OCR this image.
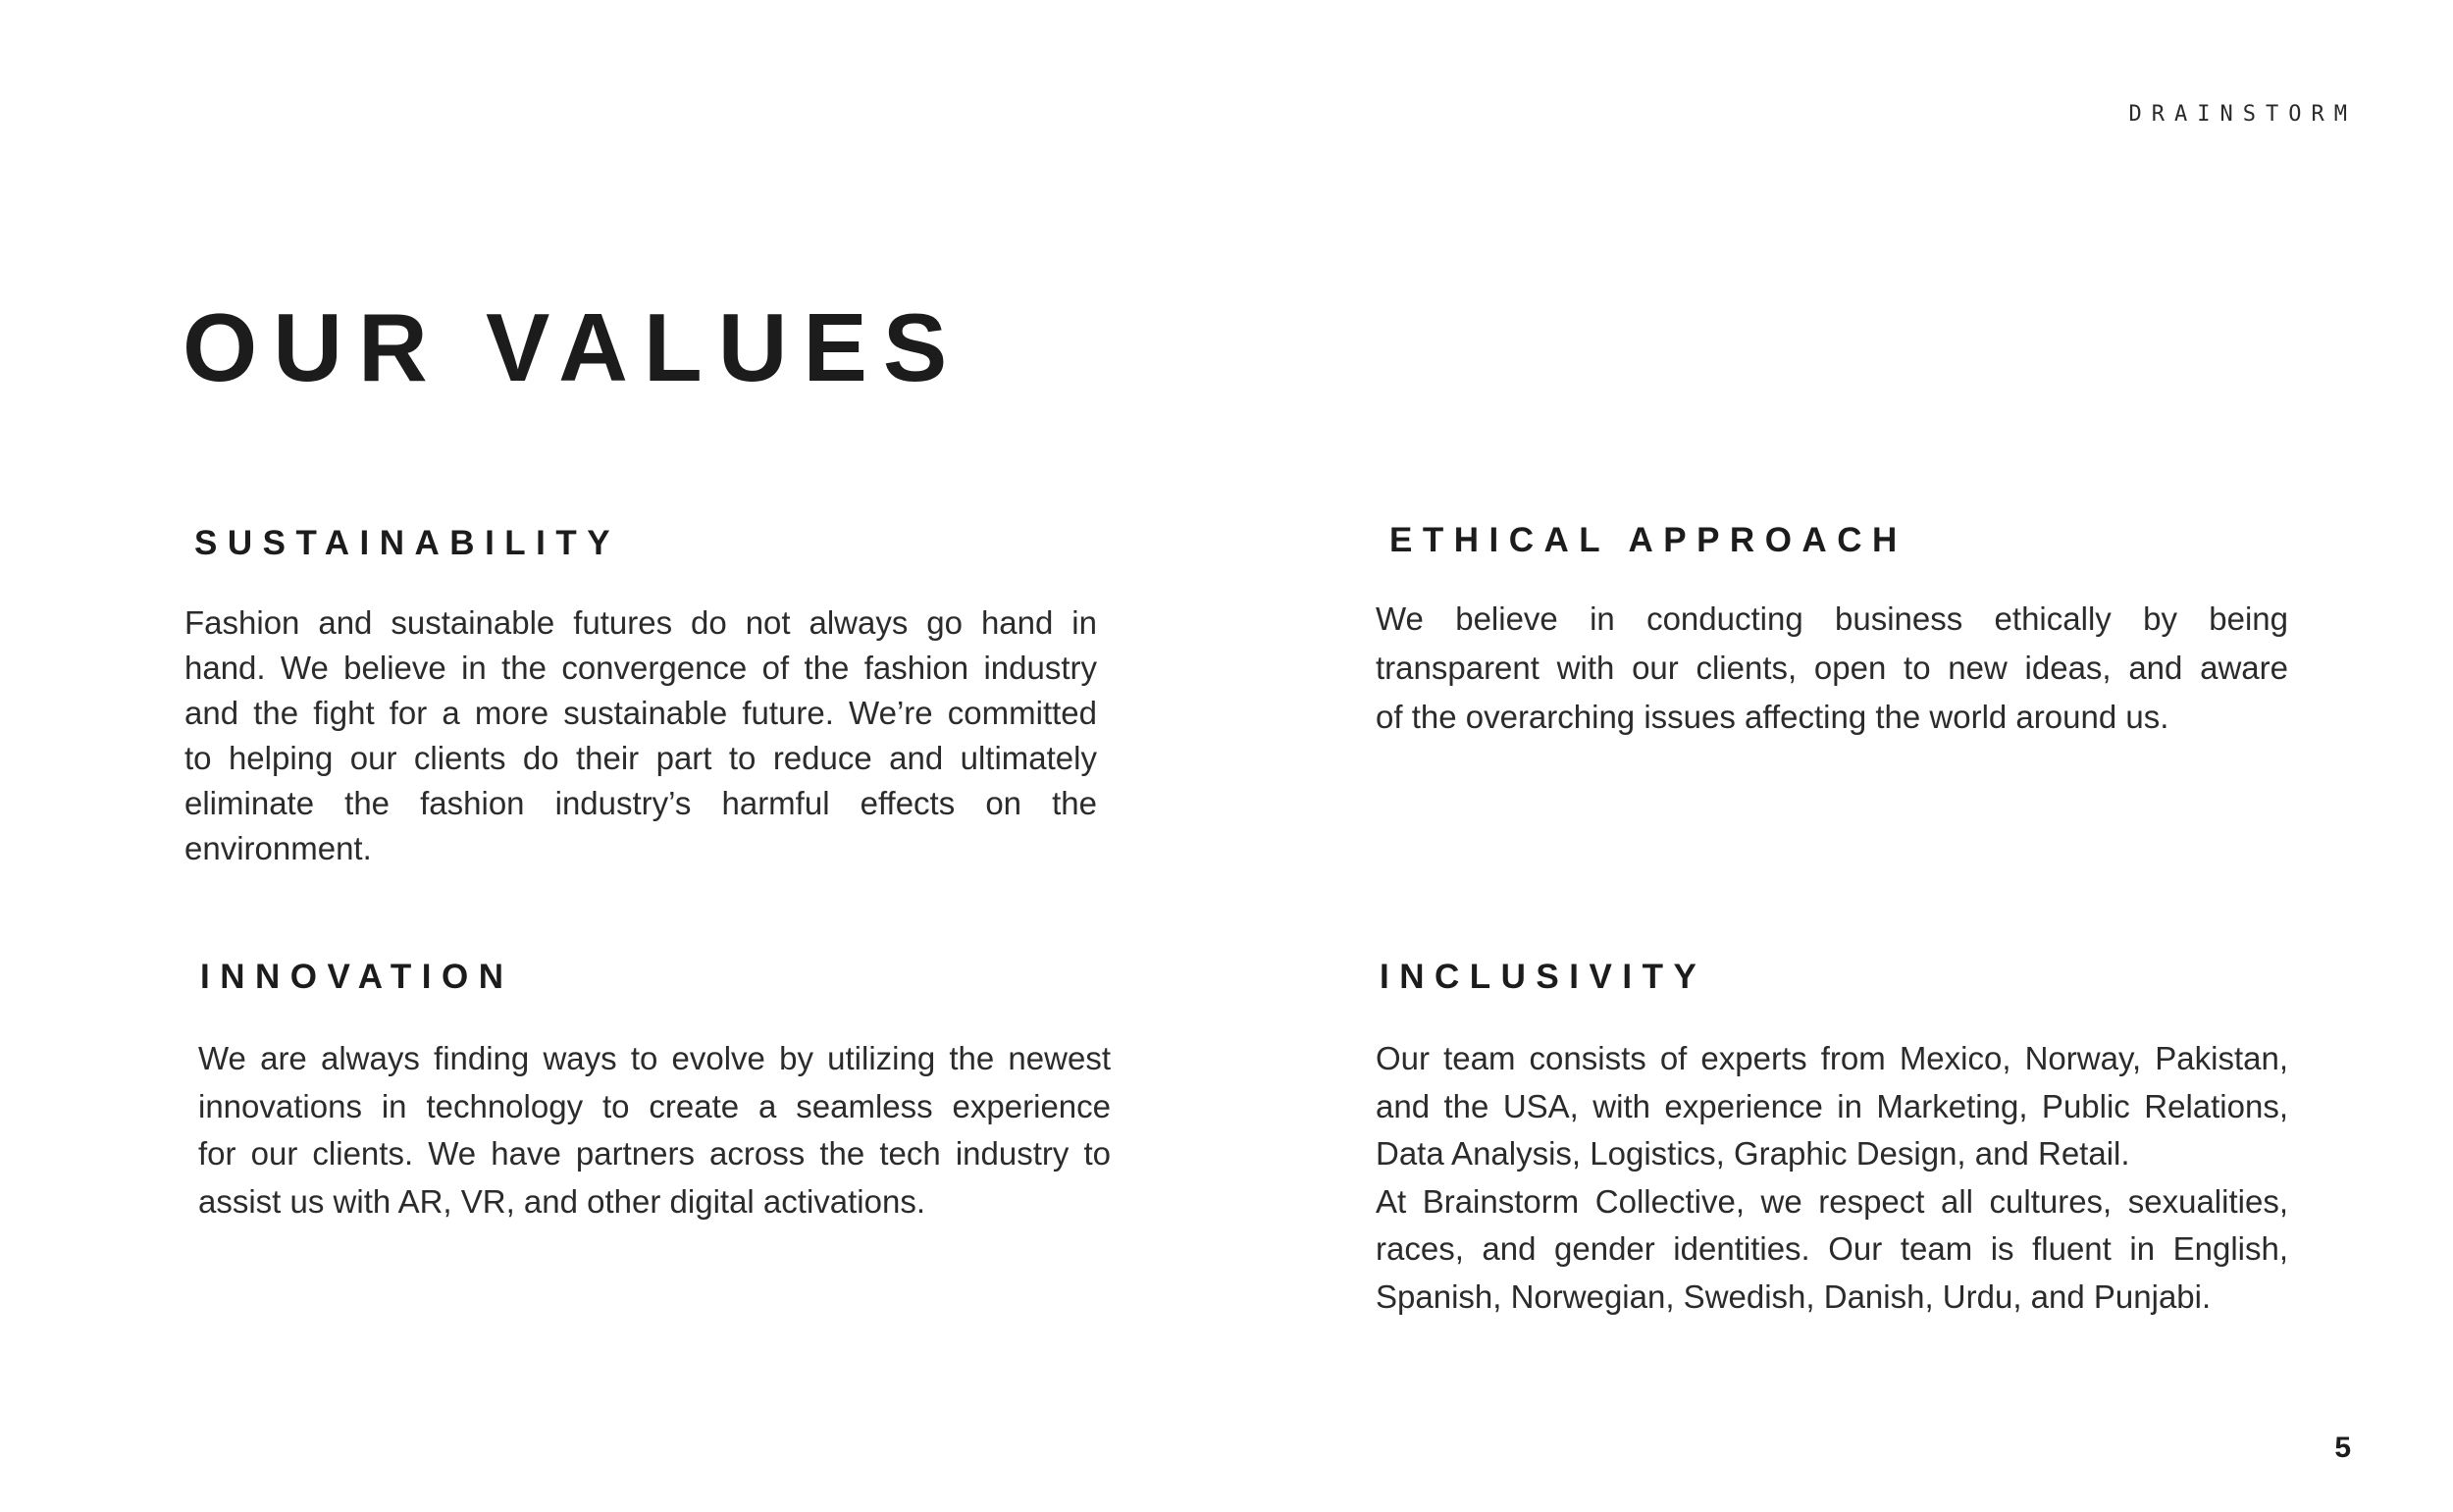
DRAINSTORM
OUR VALUES
SUSTAINABILITY

Fashion and sustainable futures do not always go hand in
hand. We believe in the convergence of the fashion industry
and the fight for a more sustainable future. We’re committed
to helping our clients do their part to reduce and ultimately
eliminate the fashion industry’s harmful effects on the
environment.

ETHICAL APPROACH

We believe in conducting business ethically by being
transparent with our clients, open to new ideas, and aware
of the overarching issues affecting the world around us.

INNOVATION

We are always finding ways to evolve by utilizing the newest
innovations in technology to create a seamless experience
for our clients. We have partners across the tech industry to
assist us with AR, VR, and other digital activations.

INCLUSIVITY

Our team consists of experts from Mexico, Norway, Pakistan,
and the USA, with experience in Marketing, Public Relations,
Data Analysis, Logistics, Graphic Design, and Retail.
At Brainstorm Collective, we respect all cultures, sexualities,
races, and gender identities. Our team is fluent in English,
Spanish, Norwegian, Swedish, Danish, Urdu, and Punjabi.

5
